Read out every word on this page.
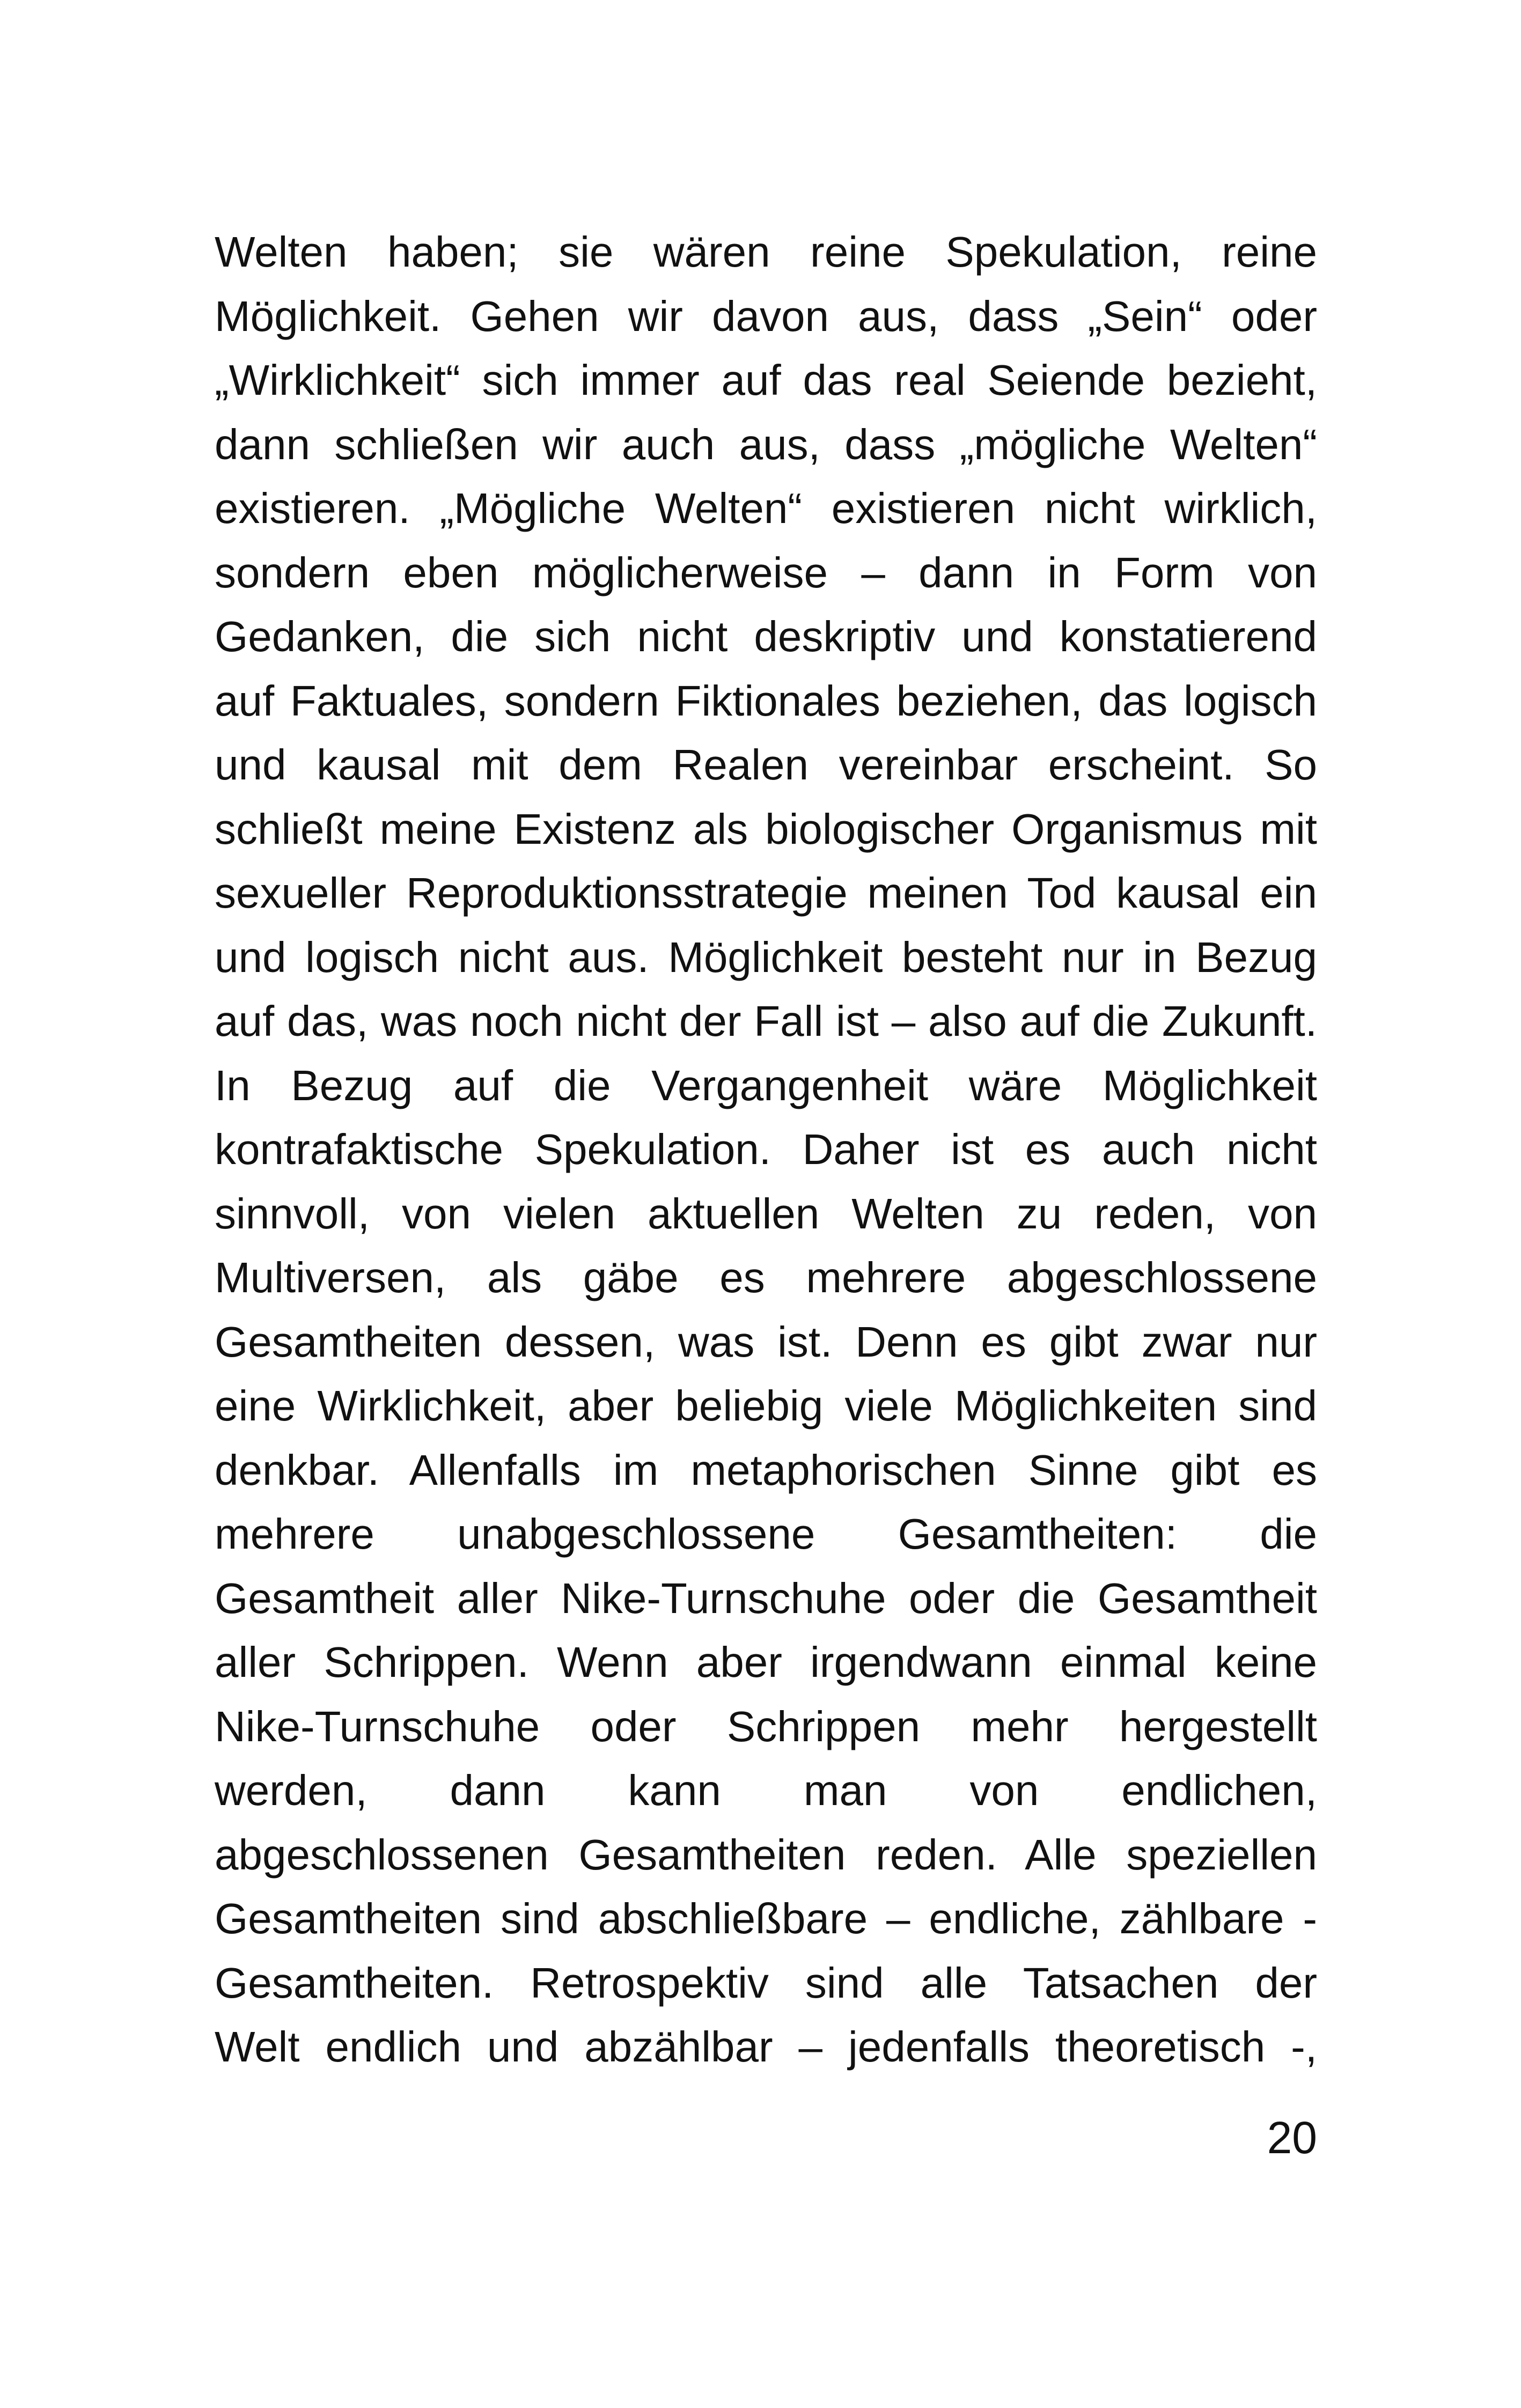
Welten haben; sie wären reine Spekulation, reine
Möglichkeit. Gehen wir davon aus, dass „Sein“ oder
„Wirklichkeit“ sich immer auf das real Seiende bezieht,
dann schließen wir auch aus, dass „mögliche Welten“
existieren. „Mögliche Welten“ existieren nicht wirklich,
sondern eben möglicherweise – dann in Form von
Gedanken, die sich nicht deskriptiv und konstatierend
auf Faktuales, sondern Fiktionales beziehen, das logisch
und kausal mit dem Realen vereinbar erscheint. So
schließt meine Existenz als biologischer Organismus mit
sexueller Reproduktionsstrategie meinen Tod kausal ein
und logisch nicht aus. Möglichkeit besteht nur in Bezug
auf das, was noch nicht der Fall ist – also auf die Zukunft.
In Bezug auf die Vergangenheit wäre Möglichkeit
kontrafaktische Spekulation. Daher ist es auch nicht
sinnvoll, von vielen aktuellen Welten zu reden, von
Multiversen, als gäbe es mehrere abgeschlossene
Gesamtheiten dessen, was ist. Denn es gibt zwar nur
eine Wirklichkeit, aber beliebig viele Möglichkeiten sind
denkbar. Allenfalls im metaphorischen Sinne gibt es
mehrere unabgeschlossene Gesamtheiten: die
Gesamtheit aller Nike-Turnschuhe oder die Gesamtheit
aller Schrippen. Wenn aber irgendwann einmal keine
Nike-Turnschuhe oder Schrippen mehr hergestellt
werden, dann kann man von endlichen,
abgeschlossenen Gesamtheiten reden. Alle speziellen
Gesamtheiten sind abschließbare – endliche, zählbare -
Gesamtheiten. Retrospektiv sind alle Tatsachen der
Welt endlich und abzählbar – jedenfalls theoretisch -,

20
